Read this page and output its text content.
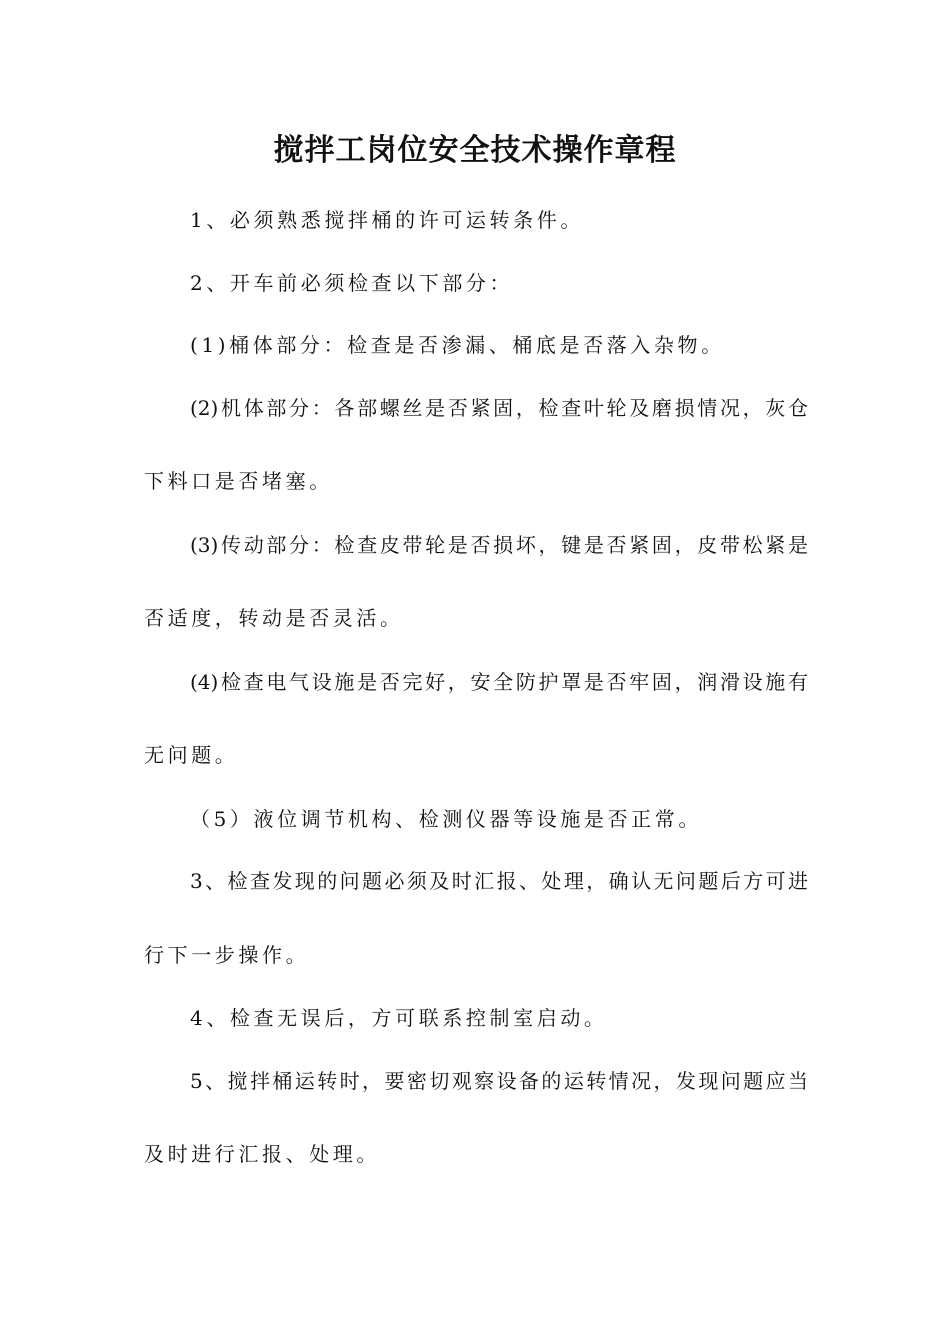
搅拌工岗位安全技术操作章程
1、必须熟悉搅拌桶的许可运转条件。
2、开车前必须检查以下部分：
(1)桶体部分：检查是否渗漏、桶底是否落入杂物。
(2)机体部分：各部螺丝是否紧固，检查叶轮及磨损情况，灰仓
下料口是否堵塞。
(3)传动部分：检查皮带轮是否损坏，键是否紧固，皮带松紧是
否适度，转动是否灵活。
(4)检查电气设施是否完好，安全防护罩是否牢固，润滑设施有
无问题。
（5）液位调节机构、检测仪器等设施是否正常。
3、检查发现的问题必须及时汇报、处理，确认无问题后方可进
行下一步操作。
4、检查无误后，方可联系控制室启动。
5、搅拌桶运转时，要密切观察设备的运转情况，发现问题应当
及时进行汇报、处理。
